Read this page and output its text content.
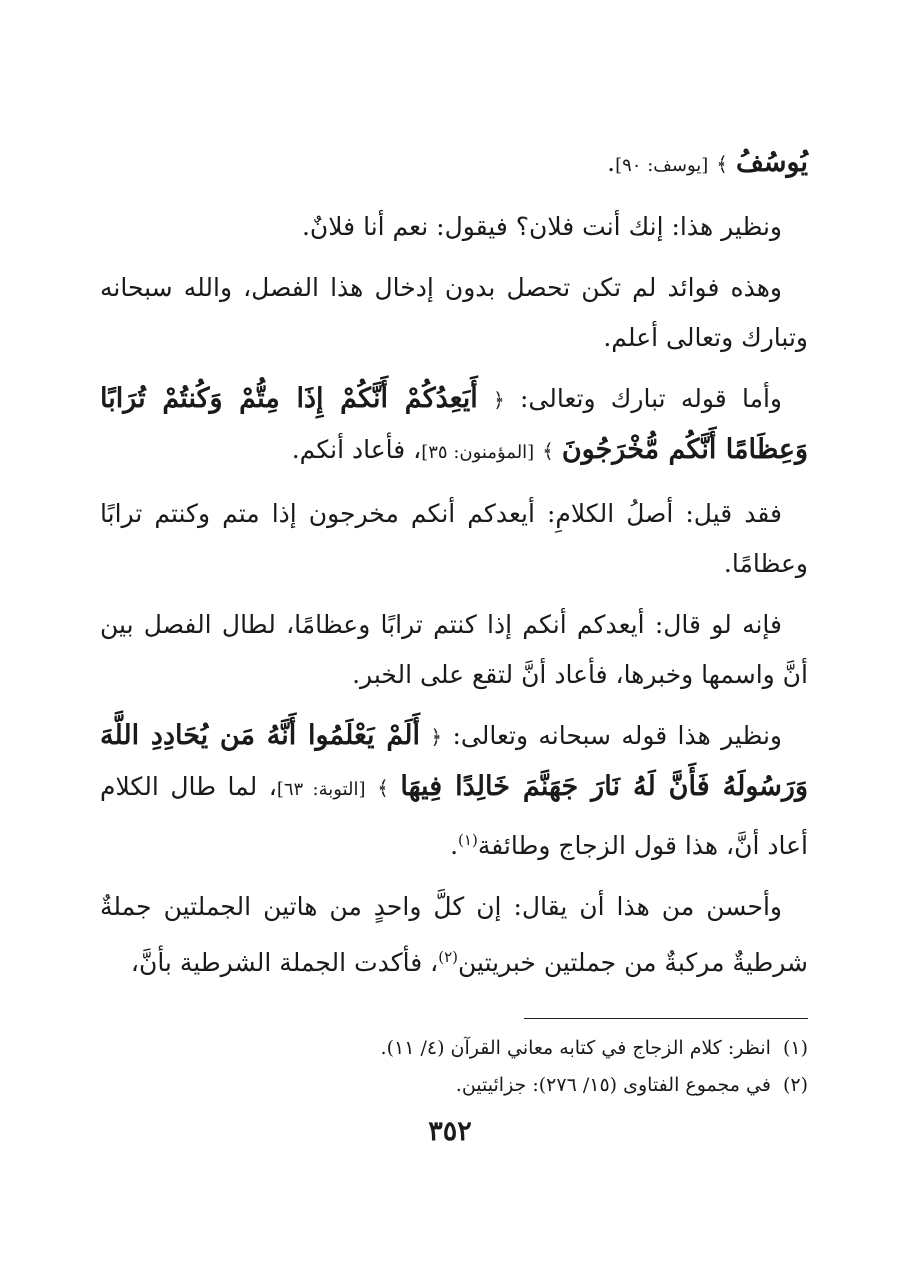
يُوسُفُ ﴾ [يوسف: ٩٠].

ونظير هذا: إنك أنت فلان؟ فيقول: نعم أنا فلانٌ.

وهذه فوائد لم تكن تحصل بدون إدخال هذا الفصل، والله سبحانه وتبارك وتعالى أعلم.

وأما قوله تبارك وتعالى: ﴿ أَيَعِدُكُمْ أَنَّكُمْ إِذَا مِتُّمْ وَكُنتُمْ تُرَابًا وَعِظَامًا أَنَّكُم مُّخْرَجُونَ ﴾ [المؤمنون: ٣٥]، فأعاد أنكم.

فقد قيل: أصلُ الكلامِ: أيعدكم أنكم مخرجون إذا متم وكنتم ترابًا وعظامًا.

فإنه لو قال: أيعدكم أنكم إذا كنتم ترابًا وعظامًا، لطال الفصل بين أنَّ واسمها وخبرها، فأعاد أنَّ لتقع على الخبر.

ونظير هذا قوله سبحانه وتعالى: ﴿ أَلَمْ يَعْلَمُوا أَنَّهُ مَن يُحَادِدِ اللَّهَ وَرَسُولَهُ فَأَنَّ لَهُ نَارَ جَهَنَّمَ خَالِدًا فِيهَا ﴾ [التوبة: ٦٣]، لما طال الكلام أعاد أنَّ، هذا قول الزجاج وطائفة$^{(١)}$.

وأحسن من هذا أن يقال: إن كلَّ واحدٍ من هاتين الجملتين جملةٌ شرطيةٌ مركبةٌ من جملتين خبريتين$^{(٢)}$، فأكدت الجملة الشرطية بأنَّ،

(١)انظر: كلام الزجاج في كتابه معاني القرآن (٤/ ١١).
(٢)في مجموع الفتاوى (١٥/ ٢٧٦): جزائيتين.
٣٥٢
